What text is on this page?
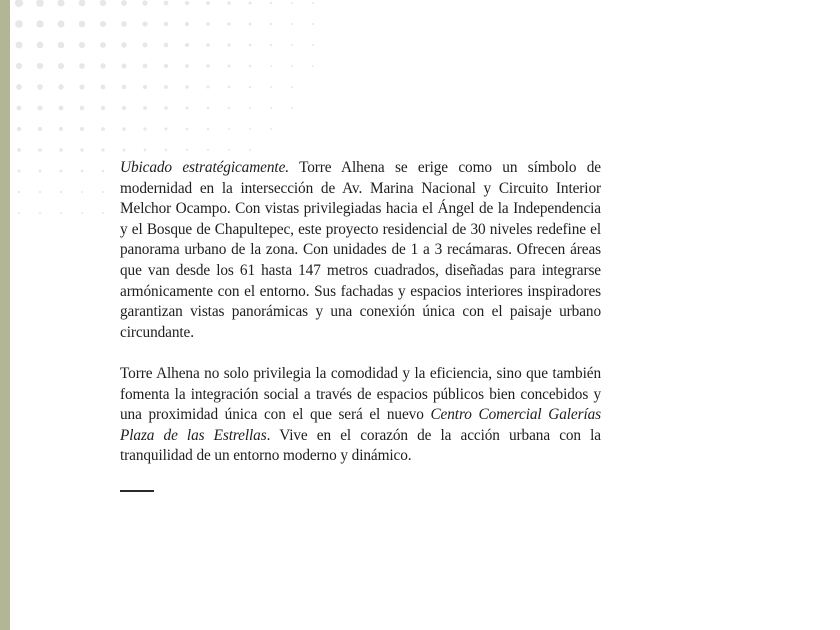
Ubicado estratégicamente. Torre Alhena se erige como un símbolo de modernidad en la intersección de Av. Marina Nacional y Circuito Interior Melchor Ocampo. Con vistas privilegiadas hacia el Ángel de la Independencia y el Bosque de Chapultepec, este proyecto residencial de 30 niveles redefine el panorama urbano de la zona. Con unidades de 1 a 3 recámaras. Ofrecen áreas que van desde los 61 hasta 147 metros cuadrados, diseñadas para integrarse armónicamente con el entorno. Sus fachadas y espacios interiores inspiradores garantizan vistas panorámicas y una conexión única con el paisaje urbano circundante.

Torre Alhena no solo privilegia la comodidad y la eficiencia, sino que también fomenta la integración social a través de espacios públicos bien concebidos y una proximidad única con el que será el nuevo Centro Comercial Galerías Plaza de las Estrellas. Vive en el corazón de la acción urbana con la tranquilidad de un entorno moderno y dinámico.
